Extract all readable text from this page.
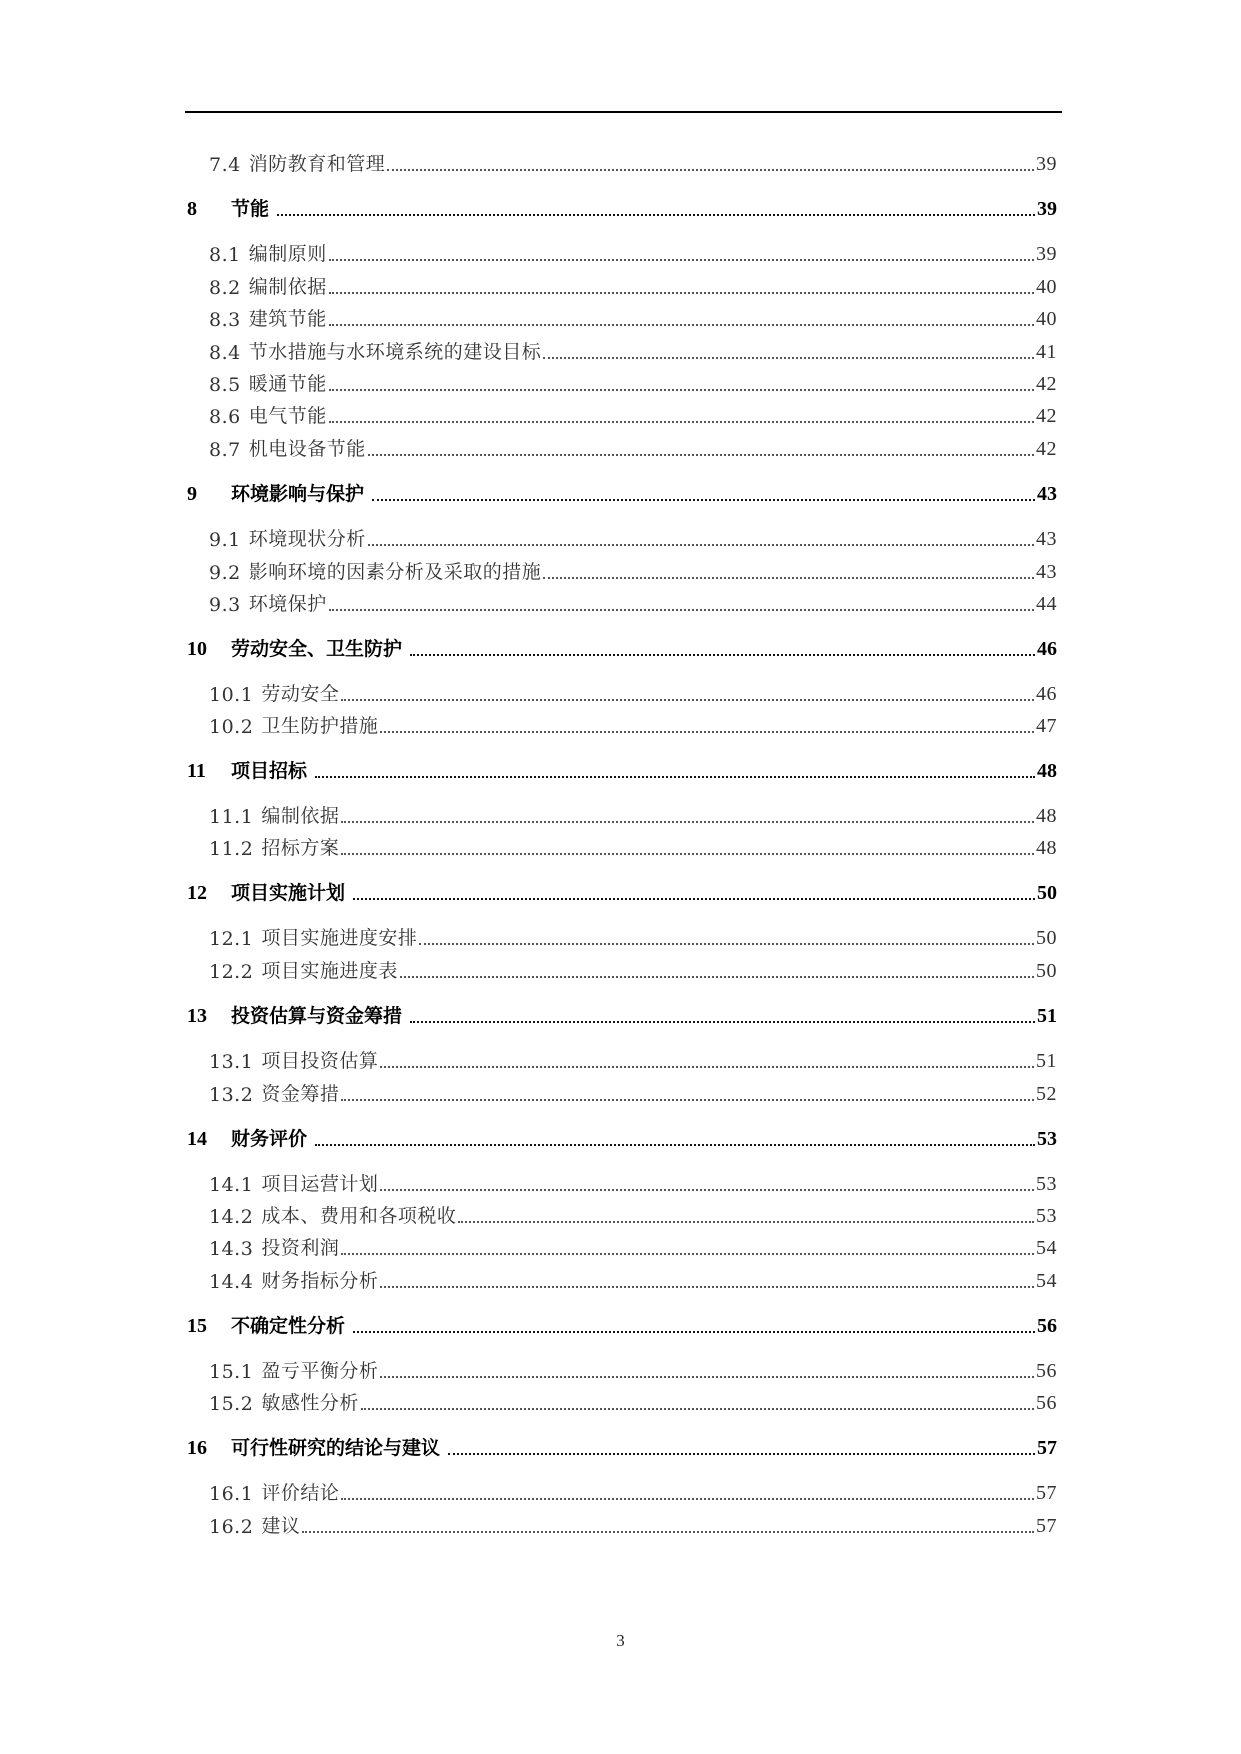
7.4 消防教育和管理	39
8	节能	39
8.1 编制原则	39
8.2 编制依据	40
8.3 建筑节能	40
8.4 节水措施与水环境系统的建设目标	41
8.5 暖通节能	42
8.6 电气节能	42
8.7 机电设备节能	42
9	环境影响与保护	43
9.1 环境现状分析	43
9.2 影响环境的因素分析及采取的措施	43
9.3 环境保护	44
10	劳动安全、卫生防护	46
10.1 劳动安全	46
10.2 卫生防护措施	47
11	项目招标	48
11.1 编制依据	48
11.2 招标方案	48
12	项目实施计划	50
12.1 项目实施进度安排	50
12.2 项目实施进度表	50
13	投资估算与资金筹措	51
13.1 项目投资估算	51
13.2 资金筹措	52
14	财务评价	53
14.1 项目运营计划	53
14.2 成本、费用和各项税收	53
14.3 投资利润	54
14.4 财务指标分析	54
15	不确定性分析	56
15.1 盈亏平衡分析	56
15.2 敏感性分析	56
16	可行性研究的结论与建议	57
16.1 评价结论	57
16.2 建议	57
3
